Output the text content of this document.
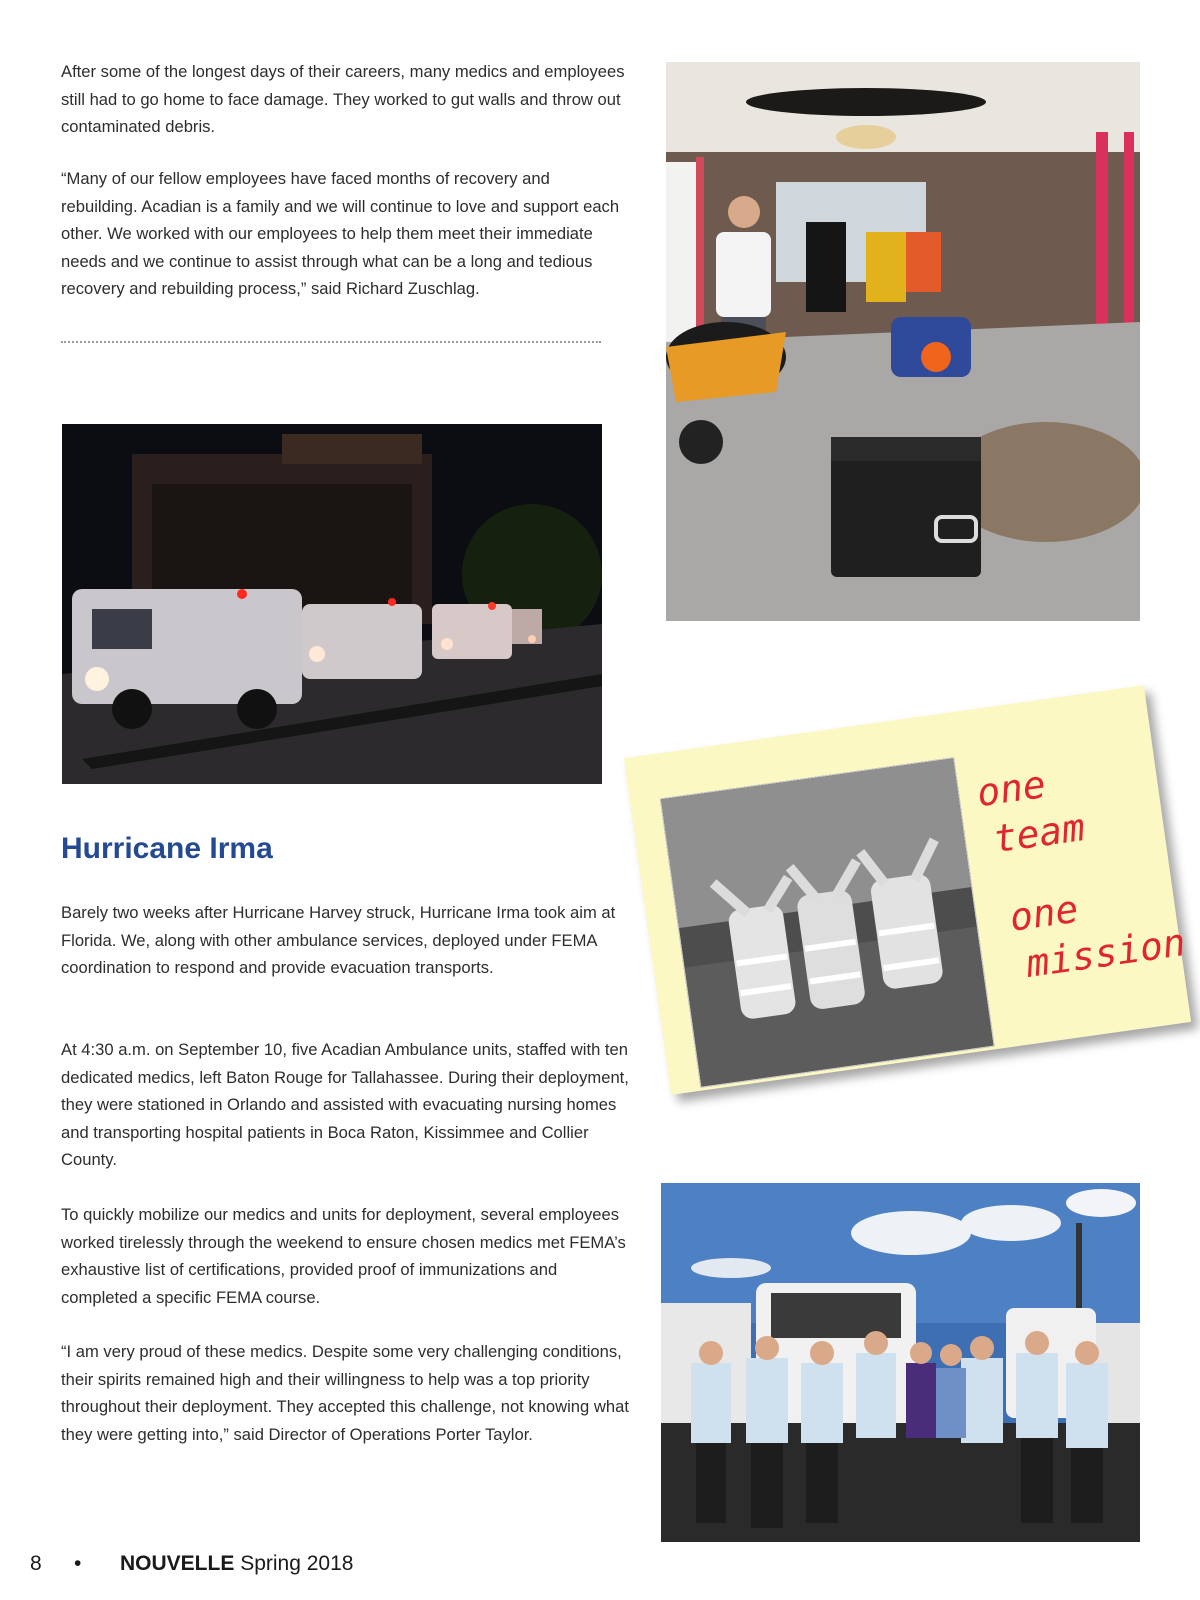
After some of the longest days of their careers, many medics and employees still had to go home to face damage. They worked to gut walls and throw out contaminated debris.

“Many of our fellow employees have faced months of recovery and rebuilding. Acadian is a family and we will continue to love and support each other. We worked with our employees to help them meet their immediate needs and we continue to assist through what can be a long and tedious recovery and rebuilding process,” said Richard Zuschlag.

one
team
one
mission
Hurricane Irma

Barely two weeks after Hurricane Harvey struck, Hurricane Irma took aim at Florida. We, along with other ambulance services, deployed under FEMA coordination to respond and provide evacuation transports.

At 4:30 a.m. on September 10, five Acadian Ambulance units, staffed with ten dedicated medics, left Baton Rouge for Tallahassee. During their deployment, they were stationed in Orlando and assisted with evacuating nursing homes and transporting hospital patients in Boca Raton, Kissimmee and Collier County.

To quickly mobilize our medics and units for deployment, several employees worked tirelessly through the weekend to ensure chosen medics met FEMA’s exhaustive list of certifications, provided proof of immunizations and completed a specific FEMA course.

“I am very proud of these medics. Despite some very challenging conditions, their spirits remained high and their willingness to help was a top priority throughout their deployment. They accepted this challenge, not knowing what they were getting into,” said Director of Operations Porter Taylor.

8 • NOUVELLE Spring 2018
